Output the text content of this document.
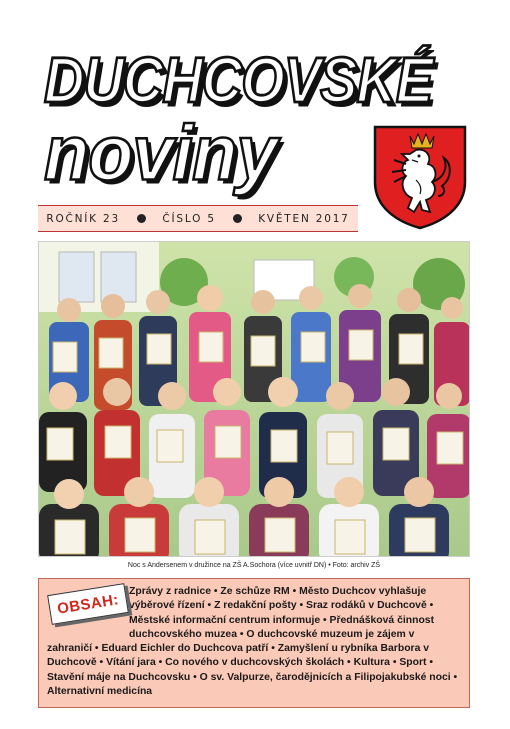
DUCHCOVSKÉ
noviny
ROČNÍK 23	ČÍSLO 5	KVĚTEN 2017
Noc s Andersenem v družince na ZŠ A.Sochora (více uvnitř DN) • Foto: archiv ZŠ
Zprávy z radnice • Ze schůze RM • Město Duchcov vyhlašuje výběrové řízení • Z redakční pošty • Sraz rodáků v Duchcově • Městské informační centrum informuje • Přednášková činnost duchcovského muzea • O duchcovské muzeum je zájem v zahraničí • Eduard Eichler do Duchcova patří • Zamyšlení u rybníka Barbora v Duchcově • Vítání jara • Co nového v duchcovských školách • Kultura • Sport • Stavění máje na Duchcovsku • O sv. Valpurze, čarodějnicích a Filipojakubské noci • Alternativní medicína
OBSAH:
